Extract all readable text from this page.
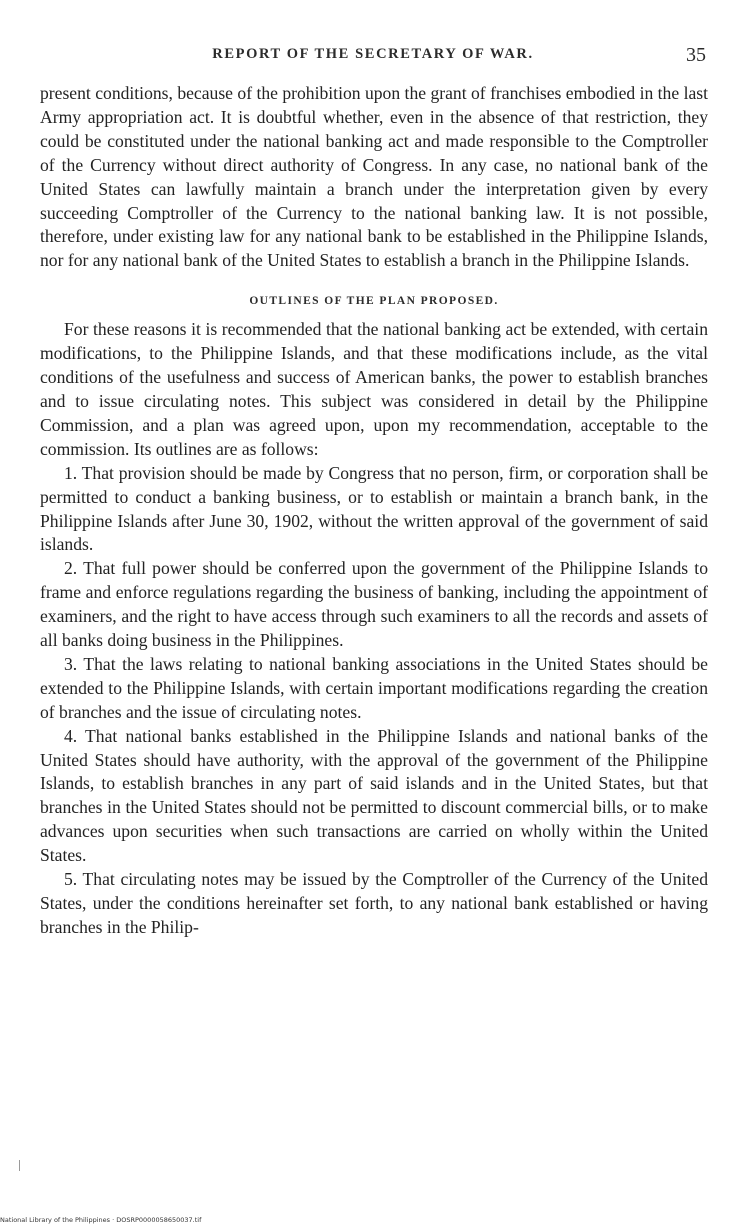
REPORT OF THE SECRETARY OF WAR.	35

present conditions, because of the prohibition upon the grant of franchises embodied in the last Army appropriation act. It is doubtful whether, even in the absence of that restriction, they could be constituted under the national banking act and made responsible to the Comptroller of the Currency without direct authority of Congress. In any case, no national bank of the United States can lawfully maintain a branch under the interpretation given by every succeeding Comptroller of the Currency to the national banking law. It is not possible, therefore, under existing law for any national bank to be established in the Philippine Islands, nor for any national bank of the United States to establish a branch in the Philippine Islands.

OUTLINES OF THE PLAN PROPOSED.

For these reasons it is recommended that the national banking act be extended, with certain modifications, to the Philippine Islands, and that these modifications include, as the vital conditions of the usefulness and success of American banks, the power to establish branches and to issue circulating notes. This subject was considered in detail by the Philippine Commission, and a plan was agreed upon, upon my recommendation, acceptable to the commission. Its outlines are as follows:

1. That provision should be made by Congress that no person, firm, or corporation shall be permitted to conduct a banking business, or to establish or maintain a branch bank, in the Philippine Islands after June 30, 1902, without the written approval of the government of said islands.

2. That full power should be conferred upon the government of the Philippine Islands to frame and enforce regulations regarding the business of banking, including the appointment of examiners, and the right to have access through such examiners to all the records and assets of all banks doing business in the Philippines.

3. That the laws relating to national banking associations in the United States should be extended to the Philippine Islands, with certain important modifications regarding the creation of branches and the issue of circulating notes.

4. That national banks established in the Philippine Islands and national banks of the United States should have authority, with the approval of the government of the Philippine Islands, to establish branches in any part of said islands and in the United States, but that branches in the United States should not be permitted to discount commercial bills, or to make advances upon securities when such transactions are carried on wholly within the United States.

5. That circulating notes may be issued by the Comptroller of the Currency of the United States, under the conditions hereinafter set forth, to any national bank established or having branches in the Philip-

National Library of the Philippines · DOSRP0000058650037.tif
